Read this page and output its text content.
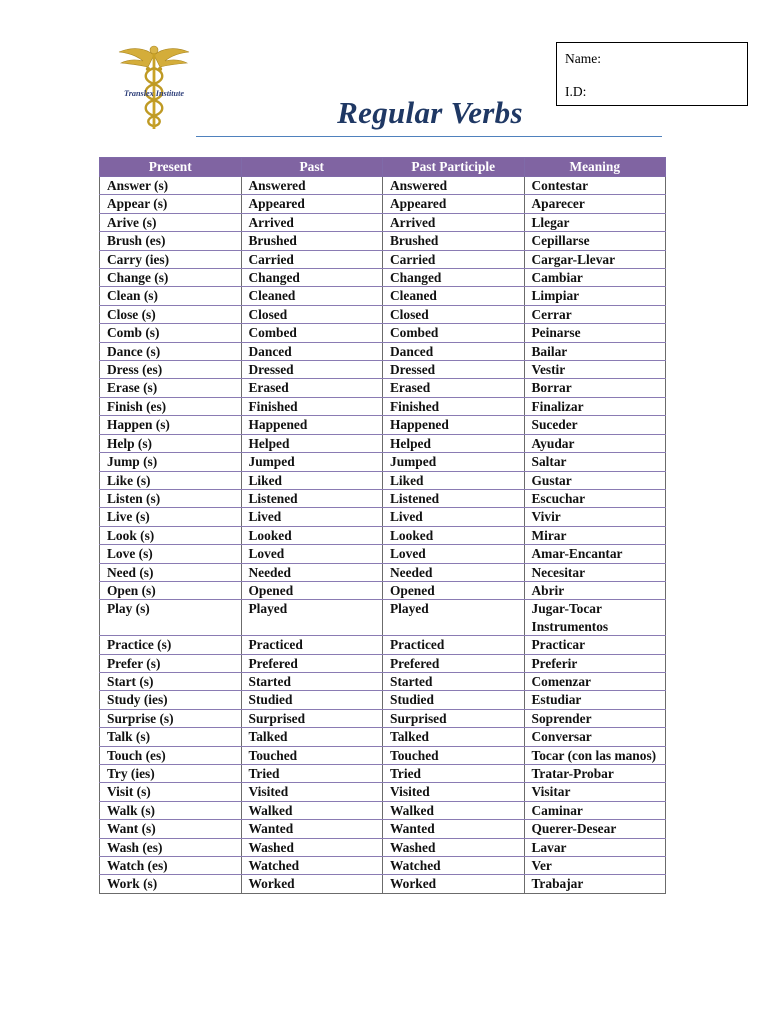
Translex Institute
Name:
I.D:
Regular Verbs
Present	Past	Past Participle	Meaning
Answer (s)	Answered	Answered	Contestar
Appear (s)	Appeared	Appeared	Aparecer
Arive (s)	Arrived	Arrived	Llegar
Brush (es)	Brushed	Brushed	Cepillarse
Carry (ies)	Carried	Carried	Cargar-Llevar
Change (s)	Changed	Changed	Cambiar
Clean (s)	Cleaned	Cleaned	Limpiar
Close (s)	Closed	Closed	Cerrar
Comb (s)	Combed	Combed	Peinarse
Dance (s)	Danced	Danced	Bailar
Dress (es)	Dressed	Dressed	Vestir
Erase (s)	Erased	Erased	Borrar
Finish (es)	Finished	Finished	Finalizar
Happen (s)	Happened	Happened	Suceder
Help (s)	Helped	Helped	Ayudar
Jump (s)	Jumped	Jumped	Saltar
Like (s)	Liked	Liked	Gustar
Listen (s)	Listened	Listened	Escuchar
Live (s)	Lived	Lived	Vivir
Look (s)	Looked	Looked	Mirar
Love (s)	Loved	Loved	Amar-Encantar
Need (s)	Needed	Needed	Necesitar
Open (s)	Opened	Opened	Abrir
Play (s)	Played	Played	Jugar-Tocar Instrumentos
Practice (s)	Practiced	Practiced	Practicar
Prefer (s)	Prefered	Prefered	Preferir
Start (s)	Started	Started	Comenzar
Study (ies)	Studied	Studied	Estudiar
Surprise (s)	Surprised	Surprised	Soprender
Talk (s)	Talked	Talked	Conversar
Touch (es)	Touched	Touched	Tocar (con las manos)
Try (ies)	Tried	Tried	Tratar-Probar
Visit (s)	Visited	Visited	Visitar
Walk (s)	Walked	Walked	Caminar
Want (s)	Wanted	Wanted	Querer-Desear
Wash (es)	Washed	Washed	Lavar
Watch (es)	Watched	Watched	Ver
Work (s)	Worked	Worked	Trabajar
